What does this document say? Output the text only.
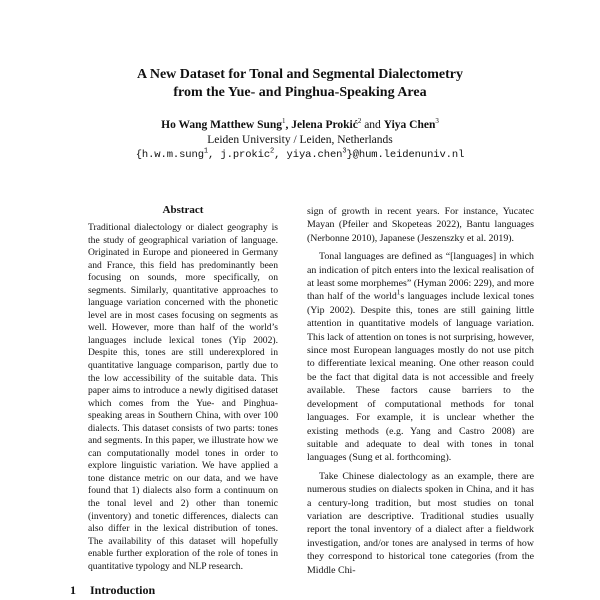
A New Dataset for Tonal and Segmental Dialectometry
from the Yue- and Pinghua-Speaking Area
Ho Wang Matthew Sung$^1$, Jelena Prokić$^2$ and Yiya Chen$^3$
Leiden University / Leiden, Netherlands
{h.w.m.sung$^1$, j.prokic$^2$, yiya.chen$^3$}@hum.leidenuniv.nl
Abstract
Traditional dialectology or dialect geography is the study of geographical variation of language. Originated in Europe and pioneered in Germany and France, this field has predominantly been focusing on sounds, more specifically, on segments. Similarly, quantitative approaches to language variation concerned with the phonetic level are in most cases focusing on segments as well. However, more than half of the world’s languages include lexical tones (Yip 2002). Despite this, tones are still underexplored in quantitative language comparison, partly due to the low accessibility of the suitable data. This paper aims to introduce a newly digitised dataset which comes from the Yue- and Pinghua-speaking areas in Southern China, with over 100 dialects. This dataset consists of two parts: tones and segments. In this paper, we illustrate how we can computationally model tones in order to explore linguistic variation. We have applied a tone distance metric on our data, and we have found that 1) dialects also form a continuum on the tonal level and 2) other than tonemic (inventory) and tonetic differences, dialects can also differ in the lexical distribution of tones. The availability of this dataset will hopefully enable further exploration of the role of tones in quantitative typology and NLP research.
1 Introduction

sign of growth in recent years. For instance, Yucatec Mayan (Pfeiler and Skopeteas 2022), Bantu languages (Nerbonne 2010), Japanese (Jeszenszky et al. 2019).

Tonal languages are defined as “[languages] in which an indication of pitch enters into the lexical realisation of at least some morphemes” (Hyman 2006: 229), and more than half of the world$^1$s languages include lexical tones (Yip 2002). Despite this, tones are still gaining little attention in quantitative models of language variation. This lack of attention on tones is not surprising, however, since most European languages mostly do not use pitch to differentiate lexical meaning. One other reason could be the fact that digital data is not accessible and freely available. These factors cause barriers to the development of computational methods for tonal languages. For example, it is unclear whether the existing methods (e.g. Yang and Castro 2008) are suitable and adequate to deal with tones in tonal languages (Sung et al. forthcoming).

Take Chinese dialectology as an example, there are numerous studies on dialects spoken in China, and it has a century-long tradition, but most studies on tonal variation are descriptive. Traditional studies usually report the tonal inventory of a dialect after a fieldwork investigation, and/or tones are analysed in terms of how they correspond to historical tone categories (from the Middle Chi-
